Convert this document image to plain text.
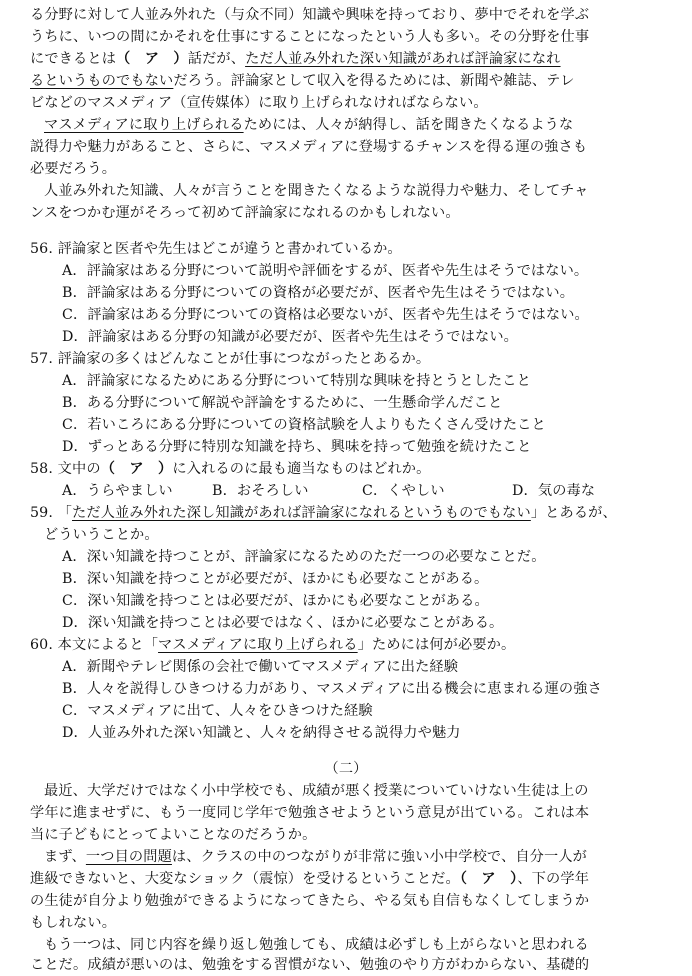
る分野に対して人並み外れた（与众不同）知識や興味を持っており、夢中でそれを学ぶ
うちに、いつの間にかそれを仕事にすることになったという人も多い。その分野を仕事
にできるとは（　ア　）話だが、ただ人並み外れた深い知識があれば評論家になれ
るというものでもないだろう。評論家として収入を得るためには、新聞や雑誌、テレ
ビなどのマスメディア（宣传媒体）に取り上げられなければならない。
マスメディアに取り上げられるためには、人々が納得し、話を聞きたくなるような
説得力や魅力があること、さらに、マスメディアに登場するチャンスを得る運の強さも
必要だろう。
人並み外れた知識、人々が言うことを聞きたくなるような説得力や魅力、そしてチャ
ンスをつかむ運がそろって初めて評論家になれるのかもしれない。
56. 評論家と医者や先生はどこが違うと書かれているか。
A．評論家はある分野について説明や評価をするが、医者や先生はそうではない。
B．評論家はある分野についての資格が必要だが、医者や先生はそうではない。
C．評論家はある分野についての資格は必要ないが、医者や先生はそうではない。
D．評論家はある分野の知識が必要だが、医者や先生はそうではない。
57. 評論家の多くはどんなことが仕事につながったとあるか。
A．評論家になるためにある分野について特別な興味を持とうとしたこと
B．ある分野について解説や評論をするために、一生懸命学んだこと
C．若いころにある分野についての資格試験を人よりもたくさん受けたこと
D．ずっとある分野に特別な知識を持ち、興味を持って勉強を続けたこと
58. 文中の（　ア　）に入れるのに最も適当なものはどれか。
A．うらやましい	B．おそろしい	C．くやしい	D．気の毒な
59. 「ただ人並み外れた深し知識があれば評論家になれるというものでもない」とあるが、
どういうことか。
A．深い知識を持つことが、評論家になるためのただ一つの必要なことだ。
B．深い知識を持つことが必要だが、ほかにも必要なことがある。
C．深い知識を持つことは必要だが、ほかにも必要なことがある。
D．深い知識を持つことは必要ではなく、ほかに必要なことがある。
60. 本文によると「マスメディアに取り上げられる」ためには何が必要か。
A．新聞やテレビ関係の会社で働いてマスメディアに出た経験
B．人々を説得しひきつける力があり、マスメディアに出る機会に恵まれる運の強さ
C．マスメディアに出て、人々をひきつけた経験
D．人並み外れた深い知識と、人々を納得させる説得力や魅力
（二）
最近、大学だけではなく小中学校でも、成績が悪く授業についていけない生徒は上の
学年に進ませずに、もう一度同じ学年で勉強させようという意見が出ている。これは本
当に子どもにとってよいことなのだろうか。
まず、一つ目の問題は、クラスの中のつながりが非常に強い小中学校で、自分一人が
進級できないと、大変なショック（震惊）を受けるということだ。（　ア　）、下の学年
の生徒が自分より勉強ができるようになってきたら、やる気も自信もなくしてしまうか
もしれない。
もう一つは、同じ内容を繰り返し勉強しても、成績は必ずしも上がらないと思われる
ことだ。成績が悪いのは、勉強をする習慣がない、勉強のやり方がわからない、基礎的
